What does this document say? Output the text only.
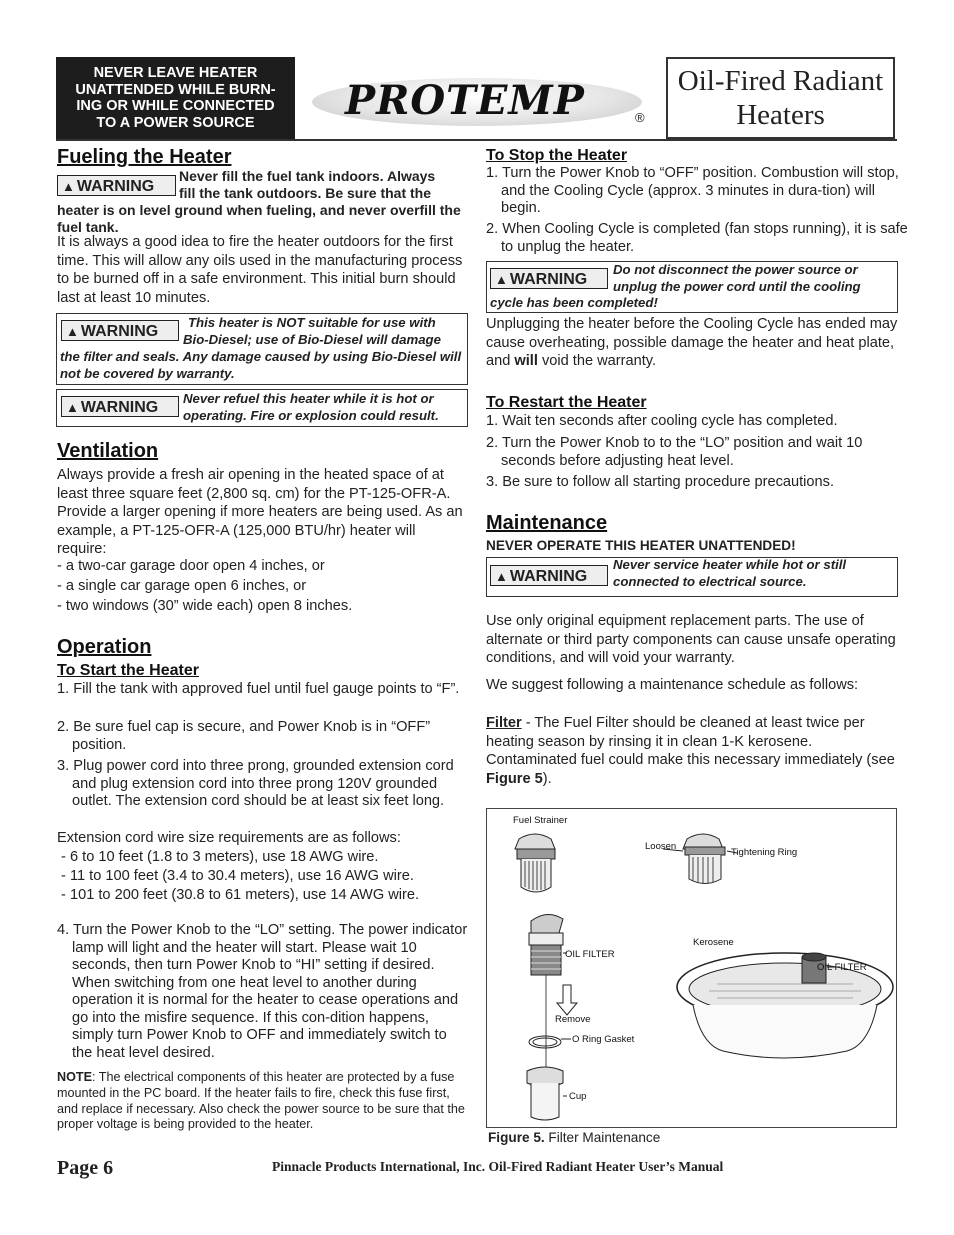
NEVER LEAVE HEATER UNATTENDED WHILE BURN-ING OR WHILE CONNECTED TO A POWER SOURCE	PROTEMP	®
Oil-Fired Radiant Heaters
Fueling the Heater
▲ WARNING
Never fill the fuel tank indoors. Always
fill the tank outdoors. Be sure that the
heater is on level ground when fueling, and never overfill the fuel tank.
It is always a good idea to fire the heater outdoors for the first time. This will allow any oils used in the manufacturing process to be burned off in a safe environment. This initial burn should last at least 10 minutes.
▲ WARNING
This heater is NOT suitable for use with
Bio-Diesel; use of Bio-Diesel will damage
the filter and seals. Any damage caused by using Bio-Diesel will not be covered by warranty.
▲ WARNING
Never refuel this heater while it is hot or operating. Fire or explosion could result.
Ventilation
Always provide a fresh air opening in the heated space of at least three square feet (2,800 sq. cm) for the PT-125-OFR-A. Provide a larger opening if more heaters are being used. As an example, a PT-125-OFR-A (125,000 BTU/hr) heater will require:
- a two-car garage door open 4 inches, or
- a single car garage open 6 inches, or
- two windows (30” wide each) open 8 inches.
Operation
To Start the Heater
1. Fill the tank with approved fuel until fuel gauge points to “F”.
2. Be sure fuel cap is secure, and Power Knob is in “OFF” position.
3. Plug power cord into three prong, grounded extension cord and plug extension cord into three prong 120V grounded outlet. The extension cord should be at least six feet long.
Extension cord wire size requirements are as follows:
- 6 to 10 feet (1.8 to 3 meters), use 18 AWG wire.
- 11 to 100 feet (3.4 to 30.4 meters), use 16 AWG wire.
- 101 to 200 feet (30.8 to 61 meters), use 14 AWG wire.
4. Turn the Power Knob to the “LO” setting. The power indicator lamp will light and the heater will start. Please wait 10 seconds, then turn Power Knob to “HI” setting if desired. When switching from one heat level to another during operation it is normal for the heater to cease operations and go into the misfire sequence. If this con-dition happens, simply turn Power Knob to OFF and immediately switch to the heat level desired.
NOTE: The electrical components of this heater are protected by a fuse mounted in the PC board. If the heater fails to fire, check this fuse first, and replace if necessary. Also check the power source to be sure that the proper voltage is being provided to the heater.
To Stop the Heater
1. Turn the Power Knob to “OFF” position. Combustion will stop, and the Cooling Cycle (approx. 3 minutes in dura-tion) will begin.
2. When Cooling Cycle is completed (fan stops running), it is safe to unplug the heater.
▲ WARNING
Do not disconnect the power source or
unplug the power cord until the cooling
cycle has been completed!
Unplugging the heater before the Cooling Cycle has ended may cause overheating, possible damage the heater and heat plate, and will void the warranty.
To Restart the Heater
1. Wait ten seconds after cooling cycle has completed.
2. Turn the Power Knob to to the “LO” position and wait 10 seconds before adjusting heat level.
3. Be sure to follow all starting procedure precautions.
Maintenance
NEVER OPERATE THIS HEATER UNATTENDED!
▲ WARNING
Never service heater while hot or still connected to electrical source.
Use only original equipment replacement parts. The use of alternate or third party components can cause unsafe operating conditions, and will void your warranty.
We suggest following a maintenance schedule as follows:
Filter - The Fuel Filter should be cleaned at least twice per heating season by rinsing it in clean 1-K kerosene. Contaminated fuel could make this necessary immediately (see Figure 5).
Fuel Strainer
Loosen
Tightening Ring
OIL FILTER
Kerosene
OIL FILTER
Remove
O Ring Gasket
Cup
Figure 5. Filter Maintenance
Page 6	Pinnacle Products International, Inc. Oil-Fired Radiant Heater User’s Manual
